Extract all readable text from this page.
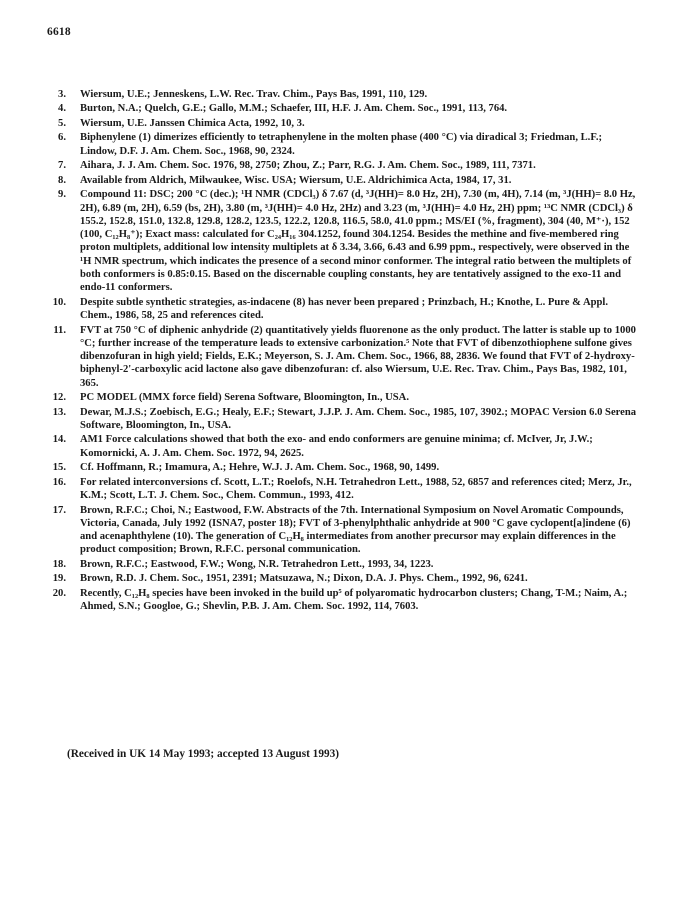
6618
3.	Wiersum, U.E.; Jenneskens, L.W. Rec. Trav. Chim., Pays Bas, 1991, 110, 129.
4.	Burton, N.A.; Quelch, G.E.; Gallo, M.M.; Schaefer, III, H.F. J. Am. Chem. Soc., 1991, 113, 764.
5.	Wiersum, U.E. Janssen Chimica Acta, 1992, 10, 3.
6.	Biphenylene (1) dimerizes efficiently to tetraphenylene in the molten phase (400 °C) via diradical 3; Friedman, L.F.; Lindow, D.F. J. Am. Chem. Soc., 1968, 90, 2324.
7.	Aihara, J. J. Am. Chem. Soc. 1976, 98, 2750; Zhou, Z.; Parr, R.G. J. Am. Chem. Soc., 1989, 111, 7371.
8.	Available from Aldrich, Milwaukee, Wisc. USA; Wiersum, U.E. Aldrichimica Acta, 1984, 17, 31.
9.	Compound 11: DSC; 200 °C (dec.); ¹H NMR (CDCl₃) δ 7.67 (d, ³J(HH)= 8.0 Hz, 2H), 7.30 (m, 4H), 7.14 (m, ³J(HH)= 8.0 Hz, 2H), 6.89 (m, 2H), 6.59 (bs, 2H), 3.80 (m, ³J(HH)= 4.0 Hz, 2Hz) and 3.23 (m, ³J(HH)= 4.0 Hz, 2H) ppm; ¹³C NMR (CDCl₃) δ 155.2, 152.8, 151.0, 132.8, 129.8, 128.2, 123.5, 122.2, 120.8, 116.5, 58.0, 41.0 ppm.; MS/EI (%, fragment), 304 (40, M⁺·), 152 (100, C₁₂H₈⁺); Exact mass: calculated for C₂₄H₁₆ 304.1252, found 304.1254. Besides the methine and five-membered ring proton multiplets, additional low intensity multiplets at δ 3.34, 3.66, 6.43 and 6.99 ppm., respectively, were observed in the ¹H NMR spectrum, which indicates the presence of a second minor conformer. The integral ratio between the multiplets of both conformers is 0.85:0.15. Based on the discernable coupling constants, hey are tentatively assigned to the exo-11 and endo-11 conformers.
10.	Despite subtle synthetic strategies, as-indacene (8) has never been prepared ; Prinzbach, H.; Knothe, L. Pure & Appl. Chem., 1986, 58, 25 and references cited.
11.	FVT at 750 °C of diphenic anhydride (2) quantitatively yields fluorenone as the only product. The latter is stable up to 1000 °C; further increase of the temperature leads to extensive carbonization.⁵ Note that FVT of dibenzothiophene sulfone gives dibenzofuran in high yield; Fields, E.K.; Meyerson, S. J. Am. Chem. Soc., 1966, 88, 2836. We found that FVT of 2-hydroxy-biphenyl-2'-carboxylic acid lactone also gave dibenzofuran: cf. also Wiersum, U.E. Rec. Trav. Chim., Pays Bas, 1982, 101, 365.
12.	PC MODEL (MMX force field) Serena Software, Bloomington, In., USA.
13.	Dewar, M.J.S.; Zoebisch, E.G.; Healy, E.F.; Stewart, J.J.P. J. Am. Chem. Soc., 1985, 107, 3902.; MOPAC Version 6.0 Serena Software, Bloomington, In., USA.
14.	AM1 Force calculations showed that both the exo- and endo conformers are genuine minima; cf. McIver, Jr, J.W.; Komornicki, A. J. Am. Chem. Soc. 1972, 94, 2625.
15.	Cf. Hoffmann, R.; Imamura, A.; Hehre, W.J. J. Am. Chem. Soc., 1968, 90, 1499.
16.	For related interconversions cf. Scott, L.T.; Roelofs, N.H. Tetrahedron Lett., 1988, 52, 6857 and references cited; Merz, Jr., K.M.; Scott, L.T. J. Chem. Soc., Chem. Commun., 1993, 412.
17.	Brown, R.F.C.; Choi, N.; Eastwood, F.W. Abstracts of the 7th. International Symposium on Novel Aromatic Compounds, Victoria, Canada, July 1992 (ISNA7, poster 18); FVT of 3-phenylphthalic anhydride at 900 °C gave cyclopent[a]indene (6) and acenaphthylene (10). The generation of C₁₂H₈ intermediates from another precursor may explain differences in the product composition; Brown, R.F.C. personal communication.
18.	Brown, R.F.C.; Eastwood, F.W.; Wong, N.R. Tetrahedron Lett., 1993, 34, 1223.
19.	Brown, R.D. J. Chem. Soc., 1951, 2391; Matsuzawa, N.; Dixon, D.A. J. Phys. Chem., 1992, 96, 6241.
20.	Recently, C₁₂H₈ species have been invoked in the build up⁵ of polyaromatic hydrocarbon clusters; Chang, T-M.; Naim, A.; Ahmed, S.N.; Googloe, G.; Shevlin, P.B. J. Am. Chem. Soc. 1992, 114, 7603.
(Received in UK 14 May 1993; accepted 13 August 1993)
